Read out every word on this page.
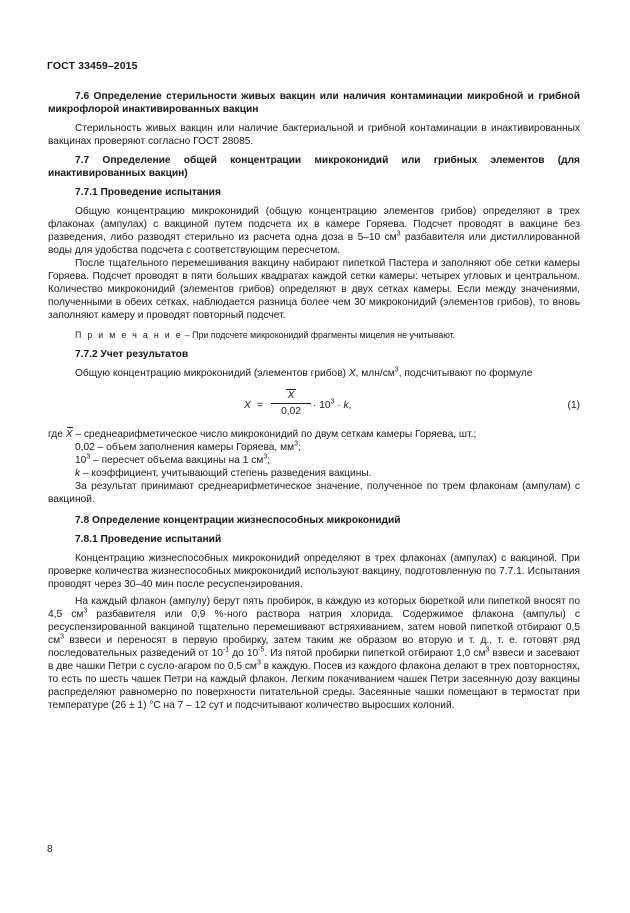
ГОСТ 33459–2015

7.6 Определение стерильности живых вакцин или наличия контаминации микробной и грибной микрофлорой инактивированных вакцин

Стерильность живых вакцин или наличие бактериальной и грибной контаминации в инактивированных вакцинах проверяют согласно ГОСТ 28085.

7.7 Определение общей концентрации микроконидий или грибных элементов (для инактивированных вакцин)

7.7.1 Проведение испытания

Общую концентрацию микроконидий (общую концентрацию элементов грибов) определяют в трех флаконах (ампулах) с вакциной путем подсчета их в камере Горяева. Подсчет проводят в вакцине без разведения, либо разводят стерильно из расчета одна доза в 5–10 $см^3$ разбавителя или дистиллированной воды для удобства подсчета с соответствующим пересчетом.

После тщательного перемешивания вакцину набирают пипеткой Пастера и заполняют обе сетки камеры Горяева. Подсчет проводят в пяти больших квадратах каждой сетки камеры: четырех угловых и центральном. Количество микроконидий (элементов грибов) определяют в двух сетках камеры. Если между значениями, полученными в обеих сетках, наблюдается разница более чем 30 микроконидий (элементов грибов), то вновь заполняют камеру и проводят повторный подсчет.

П р и м е ч а н и е – При подсчете микроконидий фрагменты мицелия не учитывают.

7.7.2 Учет результатов

Общую концентрацию микроконидий (элементов грибов) X, млн/$см^3$, подсчитывают по формуле

X =
X
0,02
· $10^3 \cdot k$,	(1)

где X – среднеарифметическое число микроконидий по двум сеткам камеры Горяева, шт.;

0,02 – объем заполнения камеры Горяева, $мм^3$;

$10^3$ – пересчет объема вакцины на 1 $см^3$;

k – коэффициент, учитывающий степень разведения вакцины.

За результат принимают среднеарифметическое значение, полученное по трем флаконам (ампулам) с вакциной.

7.8 Определение концентрации жизнеспособных микроконидий

7.8.1 Проведение испытаний

Концентрацию жизнеспособных микроконидий определяют в трех флаконах (ампулах) с вакциной. При проверке количества жизнеспособных микроконидий используют вакцину, подготовленную по 7.7.1. Испытания проводят через 30–40 мин после ресуспензирования.

На каждый флакон (ампулу) берут пять пробирок, в каждую из которых бюреткой или пипеткой вносят по 4,5 $см^3$ разбавителя или 0,9 %-ного раствора натрия хлорида. Содержимое флакона (ампулы) с ресуспензированной вакциной тщательно перемешивают встряхиванием, затем новой пипеткой отбирают 0,5 $см^3$ взвеси и переносят в первую пробирку, затем таким же образом во вторую и т. д., т. е. готовят ряд последовательных разведений от $10^{-1}$ до $10^{-5}$. Из пятой пробирки пипеткой отбирают 1,0 $см^3$ взвеси и засевают в две чашки Петри с сусло-агаром по 0,5 $см^3$ в каждую. Посев из каждого флакона делают в трех повторностях, то есть по шесть чашек Петри на каждый флакон. Легким покачиванием чашек Петри засеянную дозу вакцины распределяют равномерно по поверхности питательной среды. Засеянные чашки помещают в термостат при температуре (26 ± 1) °С на 7 – 12 сут и подсчитывают количество выросших колоний.

8
